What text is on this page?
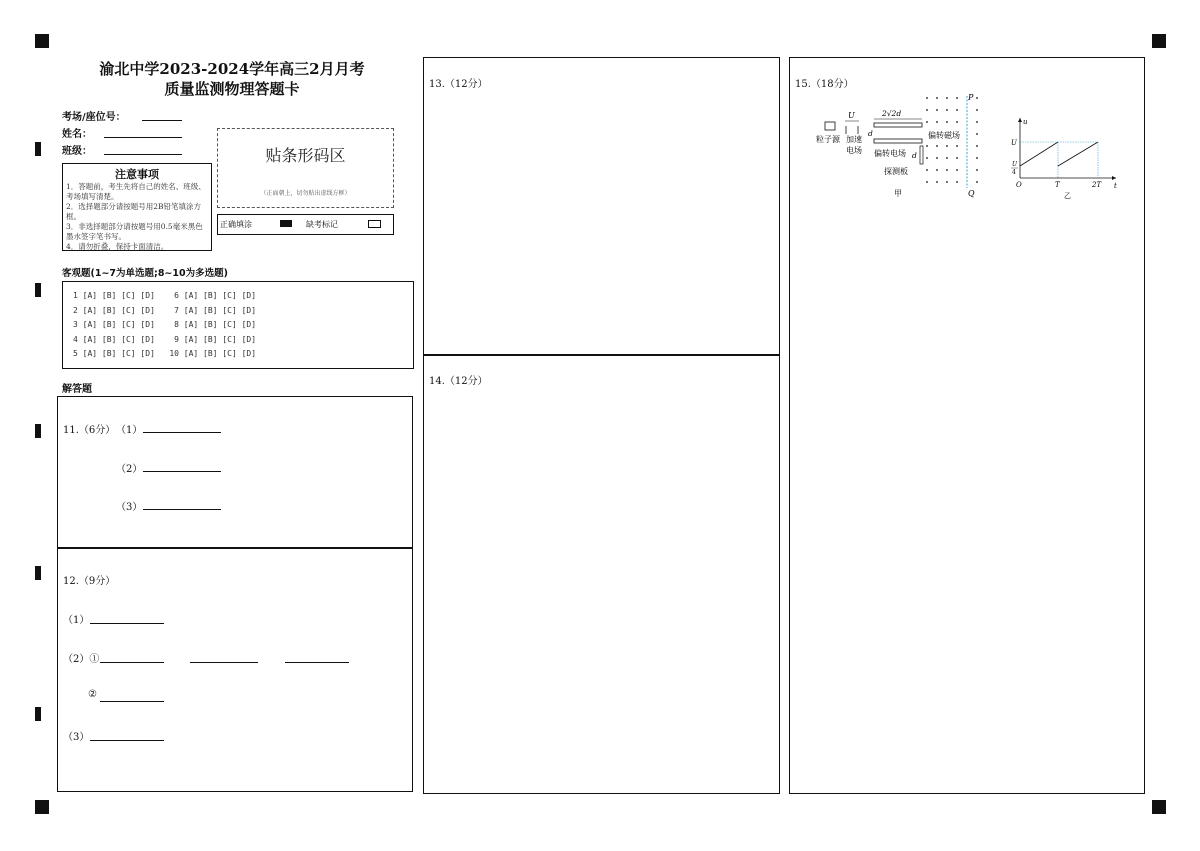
渝北中学2023-2024学年高三2月月考
质量监测物理答题卡
考场/座位号：
姓名：
班级：
注意事项
1．答题前，考生先将自己的姓名、班级、考场填写清楚。
2．选择题部分请按题号用2B铅笔填涂方框。
3．非选择题部分请按题号用0.5毫米黑色墨水签字笔书写。
4．请勿折叠，保持卡面清洁。
贴条形码区
（正面朝上，切勿贴出虚线方框）
正确填涂	缺考标记
客观题(1~7为单选题;8~10为多选题)
1 [A] [B] [C] [D]    6 [A] [B] [C] [D]
2 [A] [B] [C] [D]    7 [A] [B] [C] [D]
3 [A] [B] [C] [D]    8 [A] [B] [C] [D]
4 [A] [B] [C] [D]    9 [A] [B] [C] [D]
5 [A] [B] [C] [D]   10 [A] [B] [C] [D]
解答题
11.（6分） （1）
（2）
（3）
12.（9分）
（1）
（2）①
②
（3）
13.（12分）
14.（12分）
15.（18分）
粒子源
U
加速
电场
2√2d
d
偏转电场 d
探测板
偏转磁场
P
Q
甲
u
t
U
U
4
O	T	2T
乙
